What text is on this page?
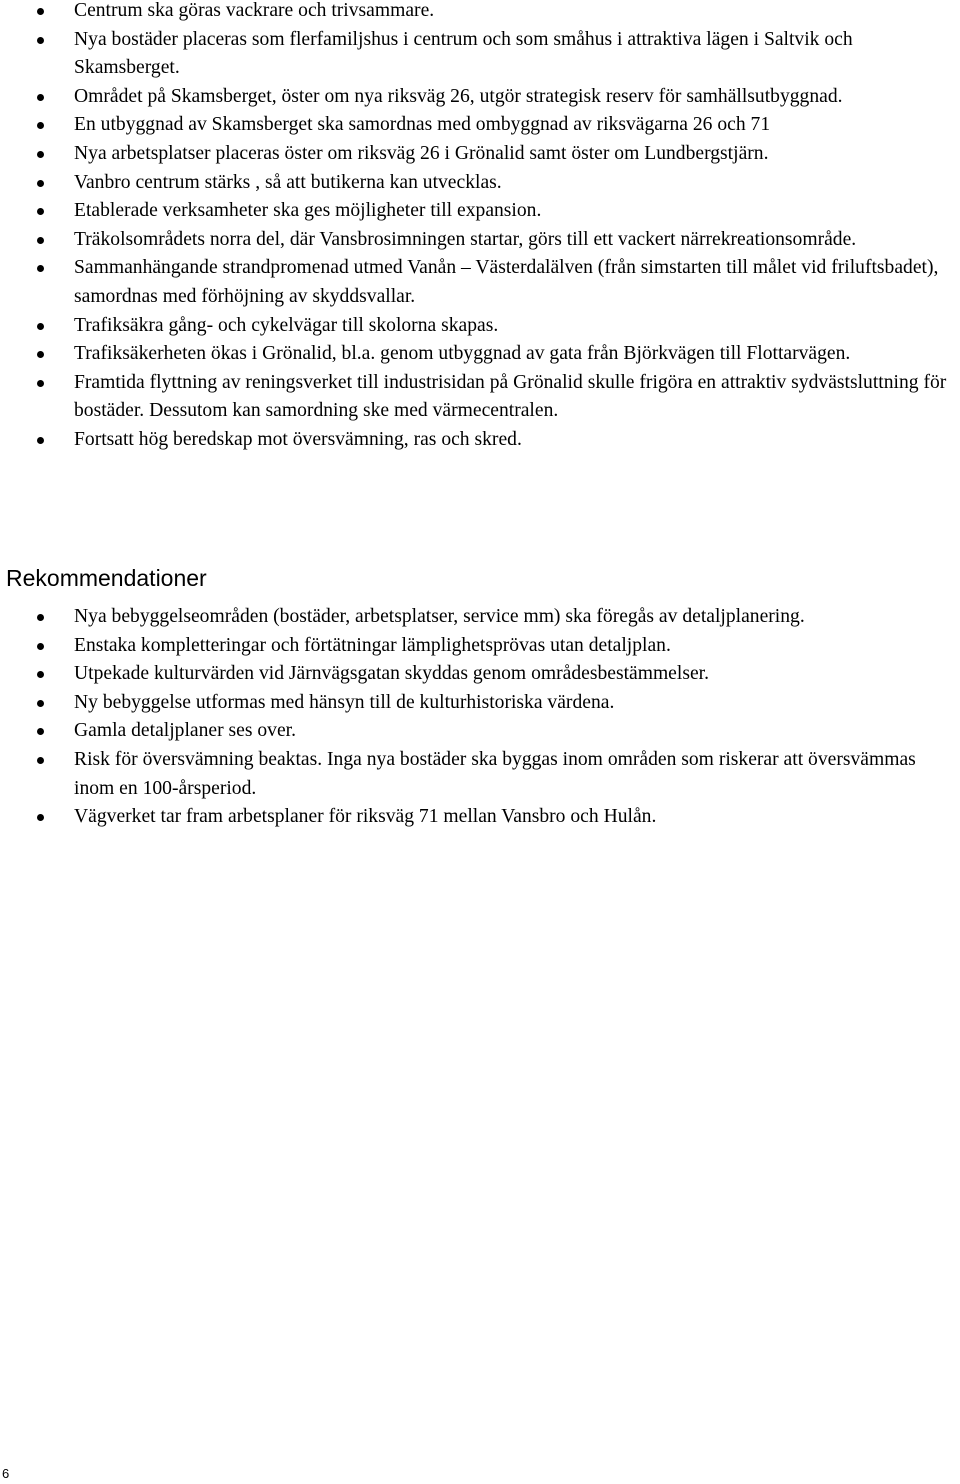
Centrum ska göras vackrare och trivsammare.
Nya bostäder placeras som flerfamiljshus i centrum och som småhus i attraktiva lägen i Saltvik och Skamsberget.
Området på Skamsberget, öster om nya riksväg 26, utgör strategisk reserv för samhällsutbyggnad.
En utbyggnad av Skamsberget ska samordnas med ombyggnad av riksvägarna 26 och 71
Nya arbetsplatser placeras öster om riksväg 26 i Grönalid samt öster om Lundbergstjärn.
Vanbro centrum stärks , så att butikerna kan utvecklas.
Etablerade verksamheter ska ges möjligheter till expansion.
Träkolsområdets norra del, där Vansbrosimningen startar, görs till ett vackert närrekreationsområde.
Sammanhängande strandpromenad utmed Vanån – Västerdalälven (från simstarten till målet vid friluftsbadet), samordnas med förhöjning av skyddsvallar.
Trafiksäkra gång- och cykelvägar till skolorna skapas.
Trafiksäkerheten ökas i Grönalid, bl.a. genom utbyggnad av gata från Björkvägen till Flottarvägen.
Framtida flyttning av reningsverket till industrisidan på Grönalid skulle frigöra en attraktiv sydvästsluttning för bostäder. Dessutom kan samordning ske med värmecentralen.
Fortsatt hög beredskap mot översvämning, ras och skred.
Rekommendationer
Nya bebyggelseområden (bostäder, arbetsplatser, service mm) ska föregås av detaljplanering.
Enstaka kompletteringar och förtätningar lämplighetsprövas utan detaljplan.
Utpekade kulturvärden vid Järnvägsgatan skyddas genom områdesbestämmelser.
Ny bebyggelse utformas med hänsyn till de kulturhistoriska värdena.
Gamla detaljplaner ses over.
Risk för översvämning beaktas. Inga nya bostäder ska byggas inom områden som riskerar att översvämmas inom en 100-årsperiod.
Vägverket tar fram arbetsplaner för riksväg 71 mellan Vansbro och Hulån.
6
